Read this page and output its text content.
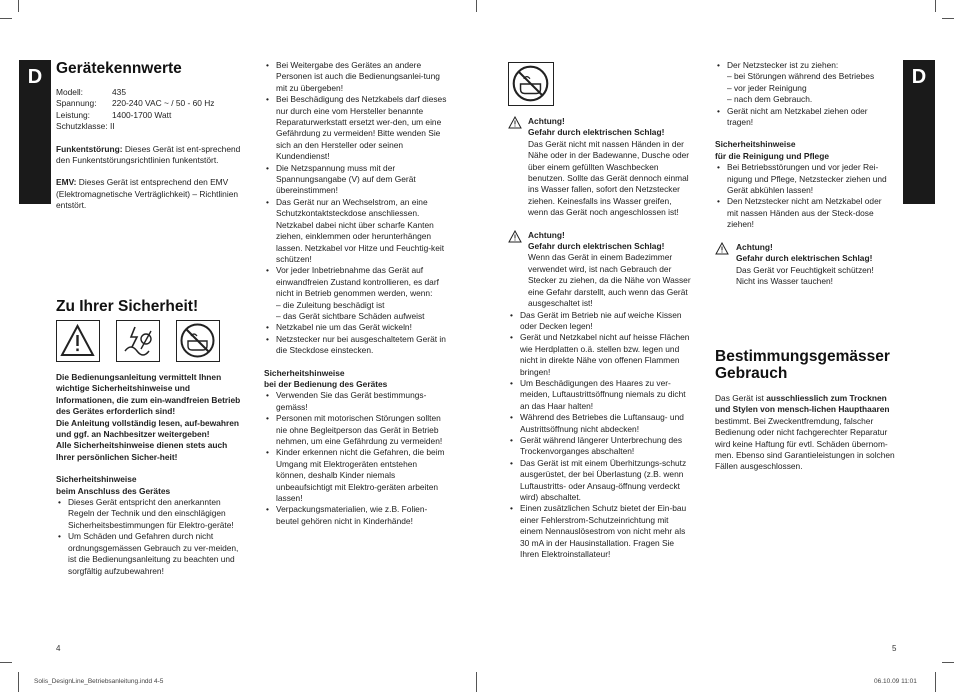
D	D
Gerätekennwerte
Modell:	435
Spannung:	220-240 VAC ~ / 50 - 60 Hz
Leistung:	1400-1700 Watt

Schutzklasse: II

Funkentstörung: Dieses Gerät ist ent-sprechend den Funkentstörungsrichtlinien funkentstört.

EMV: Dieses Gerät ist entsprechend den EMV (Elektromagnetische Verträglichkeit) – Richtlinien entstört.

Zu Ihrer Sicherheit!

Die Bedienungsanleitung vermittelt Ihnen wichtige Sicherheitshinweise und Informationen, die zum ein-wandfreien Betrieb des Gerätes erforderlich sind!

Die Anleitung vollständig lesen, auf-bewahren und ggf. an Nachbesitzer weitergeben!

Alle Sicherheitshinweise dienen stets auch Ihrer persönlichen Sicher-heit!

Sicherheitshinweise

beim Anschluss des Gerätes

• Dieses Gerät entspricht den anerkannten Regeln der Technik und den einschlägigen Sicherheitsbestimmungen für Elektro-geräte!
• Um Schäden und Gefahren durch nicht ordnungsgemässen Gebrauch zu ver-meiden, ist die Bedienungsanleitung zu beachten und sorgfältig aufzubewahren!
• Bei Weitergabe des Gerätes an andere Personen ist auch die Bedienungsanlei-tung mit zu übergeben!
• Bei Beschädigung des Netzkabels darf dieses nur durch eine vom Hersteller benannte Reparaturwerkstatt ersetzt wer-den, um eine Gefährdung zu vermeiden! Bitte wenden Sie sich an den Hersteller oder seinen Kundendienst!
• Die Netzspannung muss mit der Spannungsangabe (V) auf dem Gerät übereinstimmen!
• Das Gerät nur an Wechselstrom, an eine Schutzkontaktsteckdose anschliessen. Netzkabel dabei nicht über scharfe Kanten ziehen, einklemmen oder herunterhängen lassen. Netzkabel vor Hitze und Feuchtig-keit schützen!
• Vor jeder Inbetriebnahme das Gerät auf einwandfreien Zustand kontrollieren, es darf nicht in Betrieb genommen werden, wenn:

– die Zuleitung beschädigt ist

– das Gerät sichtbare Schäden aufweist

• Netzkabel nie um das Gerät wickeln!
• Netzstecker nur bei ausgeschaltetem Gerät in die Steckdose einstecken.

Sicherheitshinweise

bei der Bedienung des Gerätes

• Verwenden Sie das Gerät bestimmungs-gemäss!
• Personen mit motorischen Störungen sollten nie ohne Begleitperson das Gerät in Betrieb nehmen, um eine Gefährdung zu vermeiden!
• Kinder erkennen nicht die Gefahren, die beim Umgang mit Elektrogeräten entstehen können, deshalb Kinder niemals unbeaufsichtigt mit Elektro-geräten arbeiten lassen!
• Verpackungsmaterialien, wie z.B. Folien-beutel gehören nicht in Kinderhände!

Achtung!

Gefahr durch elektrischen Schlag!

Das Gerät nicht mit nassen Händen in der Nähe oder in der Badewanne, Dusche oder über einem gefüllten Waschbecken benutzen. Sollte das Gerät dennoch einmal ins Wasser fallen, sofort den Netzstecker ziehen. Keinesfalls ins Wasser greifen, wenn das Gerät noch angeschlossen ist!

Achtung!

Gefahr durch elektrischen Schlag!

Wenn das Gerät in einem Badezimmer verwendet wird, ist nach Gebrauch der Stecker zu ziehen, da die Nähe von Wasser eine Gefahr darstellt, auch wenn das Gerät ausgeschaltet ist!

• Das Gerät im Betrieb nie auf weiche Kissen oder Decken legen!
• Gerät und Netzkabel nicht auf heisse Flächen wie Herdplatten o.ä. stellen bzw. legen und nicht in direkte Nähe von offenen Flammen bringen!
• Um Beschädigungen des Haares zu ver-meiden, Luftaustrittsöffnung niemals zu dicht an das Haar halten!
• Während des Betriebes die Luftansaug- und Austrittsöffnung nicht abdecken!
• Gerät während längerer Unterbrechung des Trockenvorganges abschalten!
• Das Gerät ist mit einem Überhitzungs-schutz ausgerüstet, der bei Überlastung (z.B. wenn Luftaustritts- oder Ansaug-öffnung verdeckt wird) abschaltet.
• Einen zusätzlichen Schutz bietet der Ein-bau einer Fehlerstrom-Schutzeinrichtung mit einem Nennauslösestrom von nicht mehr als 30 mA in der Hausinstallation. Fragen Sie Ihren Elektroinstallateur!
• Der Netzstecker ist zu ziehen:

– bei Störungen während des Betriebes

– vor jeder Reinigung

– nach dem Gebrauch.

• Gerät nicht am Netzkabel ziehen oder tragen!

Sicherheitshinweise

für die Reinigung und Pflege

• Bei Betriebsstörungen und vor jeder Rei-nigung und Pflege, Netzstecker ziehen und Gerät abkühlen lassen!
• Den Netzstecker nicht am Netzkabel oder mit nassen Händen aus der Steck-dose ziehen!

Achtung!

Gefahr durch elektrischen Schlag!

Das Gerät vor Feuchtigkeit schützen! Nicht ins Wasser tauchen!

Bestimmungsgemässer Gebrauch

Das Gerät ist ausschliesslich zum Trocknen und Stylen von mensch-lichen Haupthaaren bestimmt. Bei Zweckentfremdung, falscher Bedienung oder nicht fachgerechter Reparatur wird keine Haftung für evtl. Schäden übernom-men. Ebenso sind Garantieleistungen in solchen Fällen ausgeschlossen.

4	5
Solis_DesignLine_Betriebsanleitung.indd 4-5	06.10.09 11:01
